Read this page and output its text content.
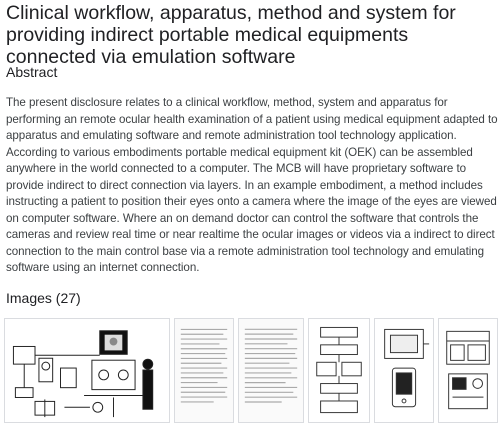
Clinical workflow, apparatus, method and system for providing indirect portable medical equipments connected via emulation software
Abstract

The present disclosure relates to a clinical workflow, method, system and apparatus for performing an remote ocular health examination of a patient using medical equipment adapted to apparatus and emulating software and remote administration tool technology application. According to various embodiments portable medical equipment kit (OEK) can be assembled anywhere in the world connected to a computer. The MCB will have proprietary software to provide indirect to direct connection via layers. In an example embodiment, a method includes instructing a patient to position their eyes onto a camera where the image of the eyes are viewed on computer software. Where an on demand doctor can control the software that controls the cameras and review real time or near realtime the ocular images or videos via a indirect to direct connection to the main control base via a remote administration tool technology and emulating software using an internet connection.

Images (27)
